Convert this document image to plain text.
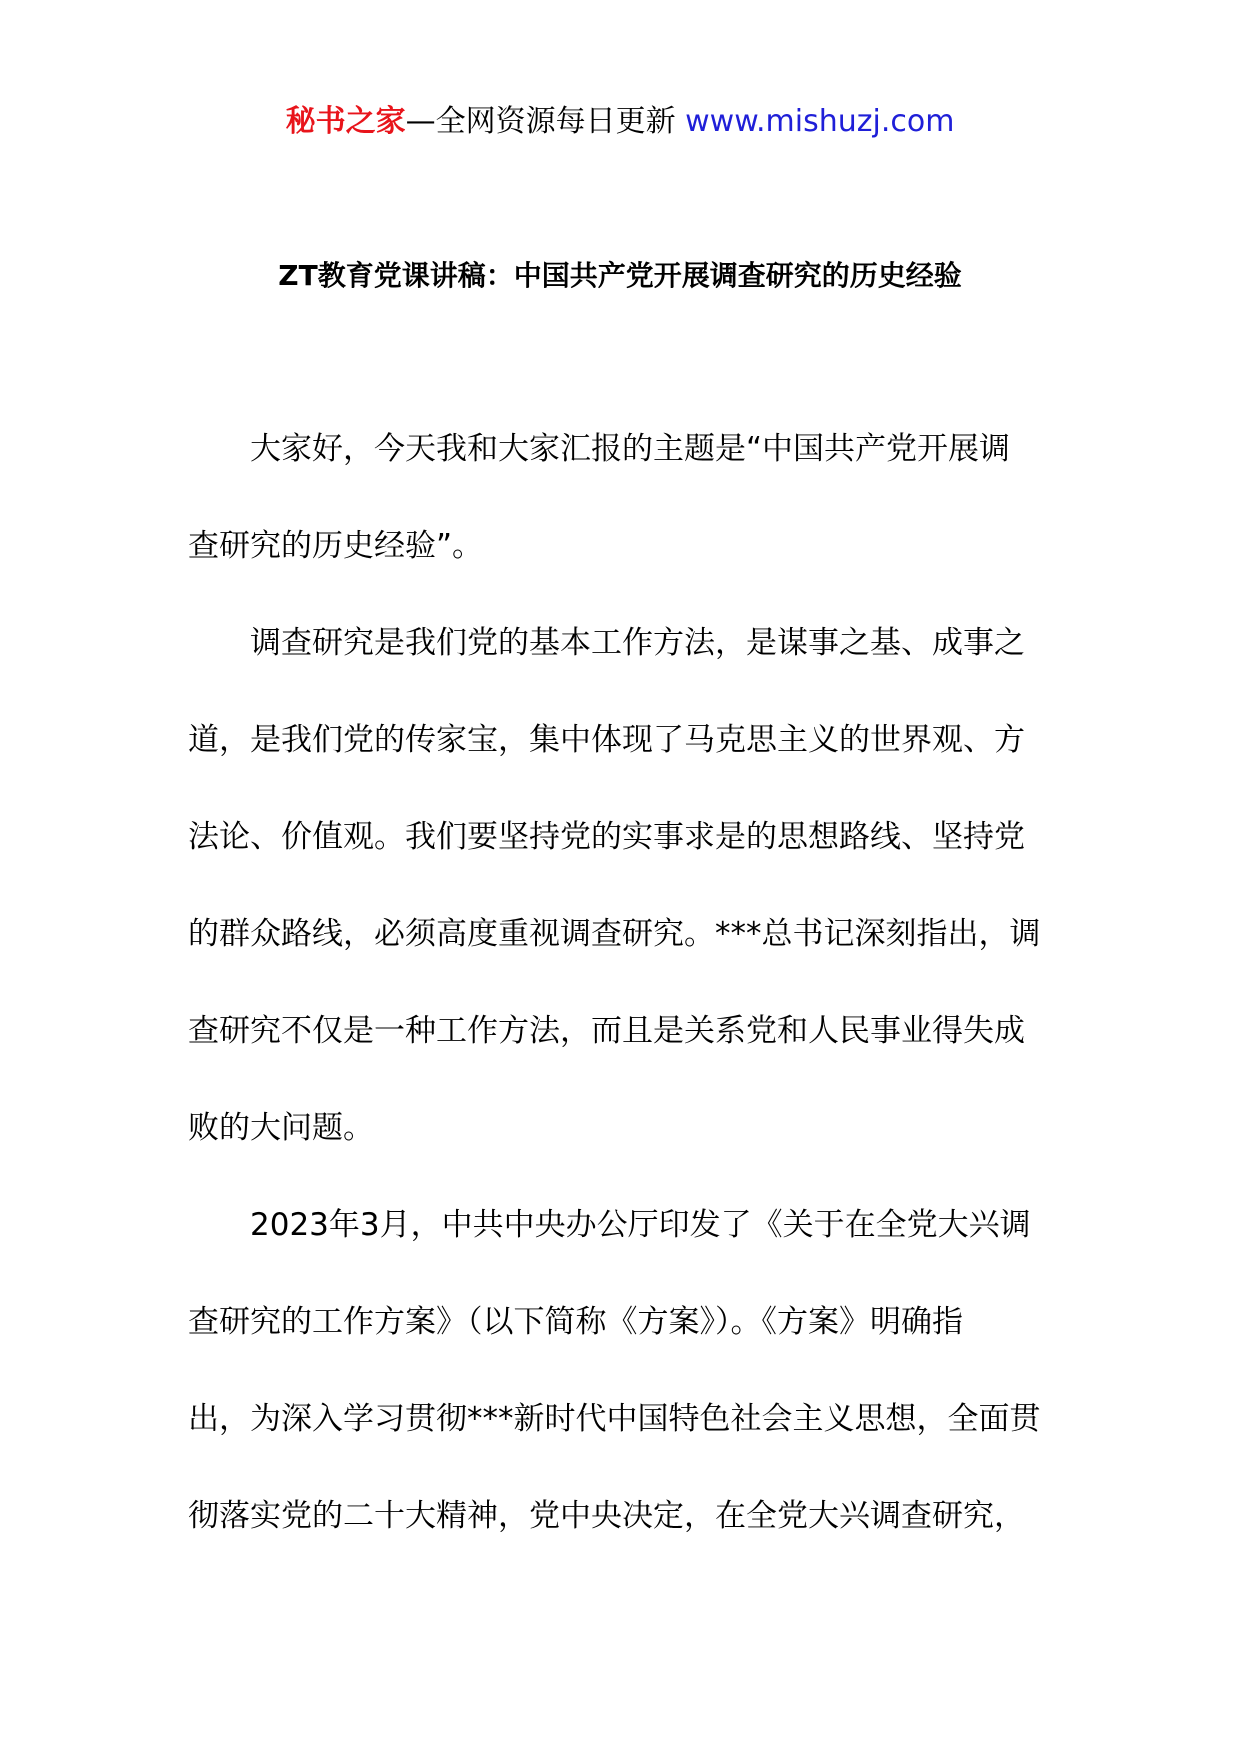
秘书之家—全网资源每日更新 www.mishuzj.com
ZT教育党课讲稿：中国共产党开展调查研究的历史经验
大家好，今天我和大家汇报的主题是“中国共产党开展调
查研究的历史经验”。
调查研究是我们党的基本工作方法，是谋事之基、成事之
道，是我们党的传家宝，集中体现了马克思主义的世界观、方
法论、价值观。我们要坚持党的实事求是的思想路线、坚持党
的群众路线，必须高度重视调查研究。***总书记深刻指出，调
查研究不仅是一种工作方法，而且是关系党和人民事业得失成
败的大问题。
2023年3月，中共中央办公厅印发了《关于在全党大兴调
查研究的工作方案》（以下简称《方案》）。《方案》明确指
出，为深入学习贯彻***新时代中国特色社会主义思想，全面贯
彻落实党的二十大精神，党中央决定，在全党大兴调查研究，
